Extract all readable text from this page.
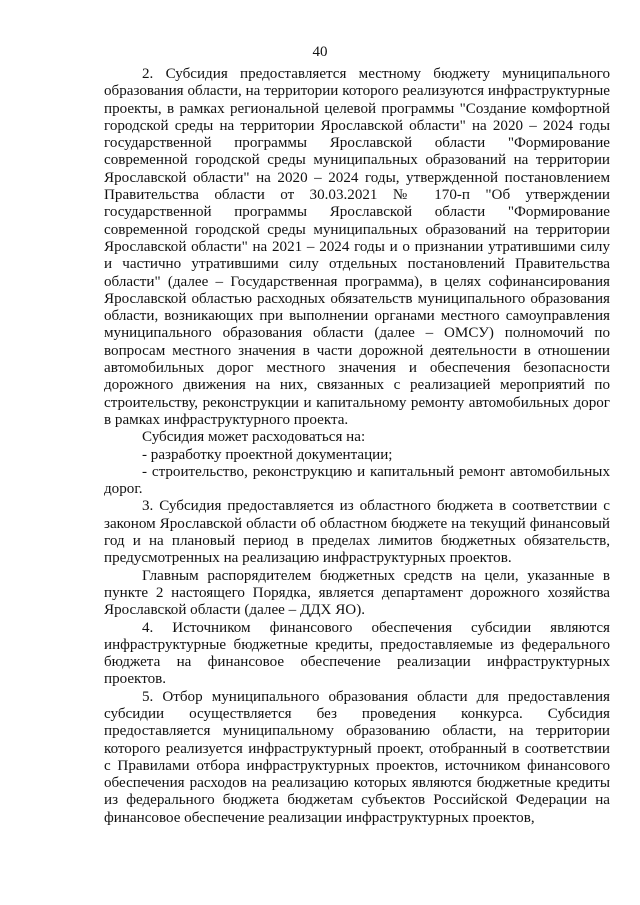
40

2. Субсидия предоставляется местному бюджету муниципального образования области, на территории которого реализуются инфраструктурные проекты, в рамках региональной целевой программы "Создание комфортной городской среды на территории Ярославской области" на 2020 – 2024 годы государственной программы Ярославской области "Формирование современной городской среды муниципальных образований на территории Ярославской области" на 2020 – 2024 годы, утвержденной постановлением Правительства области от 30.03.2021 № 170-п "Об утверждении государственной программы Ярославской области "Формирование современной городской среды муниципальных образований на территории Ярославской области" на 2021 – 2024 годы и о признании утратившими силу и частично утратившими силу отдельных постановлений Правительства области" (далее – Государственная программа), в целях софинансирования Ярославской областью расходных обязательств муниципального образования области, возникающих при выполнении органами местного самоуправления муниципального образования области (далее – ОМСУ) полномочий по вопросам местного значения в части дорожной деятельности в отношении автомобильных дорог местного значения и обеспечения безопасности дорожного движения на них, связанных с реализацией мероприятий по строительству, реконструкции и капитальному ремонту автомобильных дорог в рамках инфраструктурного проекта.

Субсидия может расходоваться на:

- разработку проектной документации;

- строительство, реконструкцию и капитальный ремонт автомобильных дорог.

3. Субсидия предоставляется из областного бюджета в соответствии с законом Ярославской области об областном бюджете на текущий финансовый год и на плановый период в пределах лимитов бюджетных обязательств, предусмотренных на реализацию инфраструктурных проектов.

Главным распорядителем бюджетных средств на цели, указанные в пункте 2 настоящего Порядка, является департамент дорожного хозяйства Ярославской области (далее – ДДХ ЯО).

4. Источником финансового обеспечения субсидии являются инфраструктурные бюджетные кредиты, предоставляемые из федерального бюджета на финансовое обеспечение реализации инфраструктурных проектов.

5. Отбор муниципального образования области для предоставления субсидии осуществляется без проведения конкурса. Субсидия предоставляется муниципальному образованию области, на территории которого реализуется инфраструктурный проект, отобранный в соответствии с Правилами отбора инфраструктурных проектов, источником финансового обеспечения расходов на реализацию которых являются бюджетные кредиты из федерального бюджета бюджетам субъектов Российской Федерации на финансовое обеспечение реализации инфраструктурных проектов,
